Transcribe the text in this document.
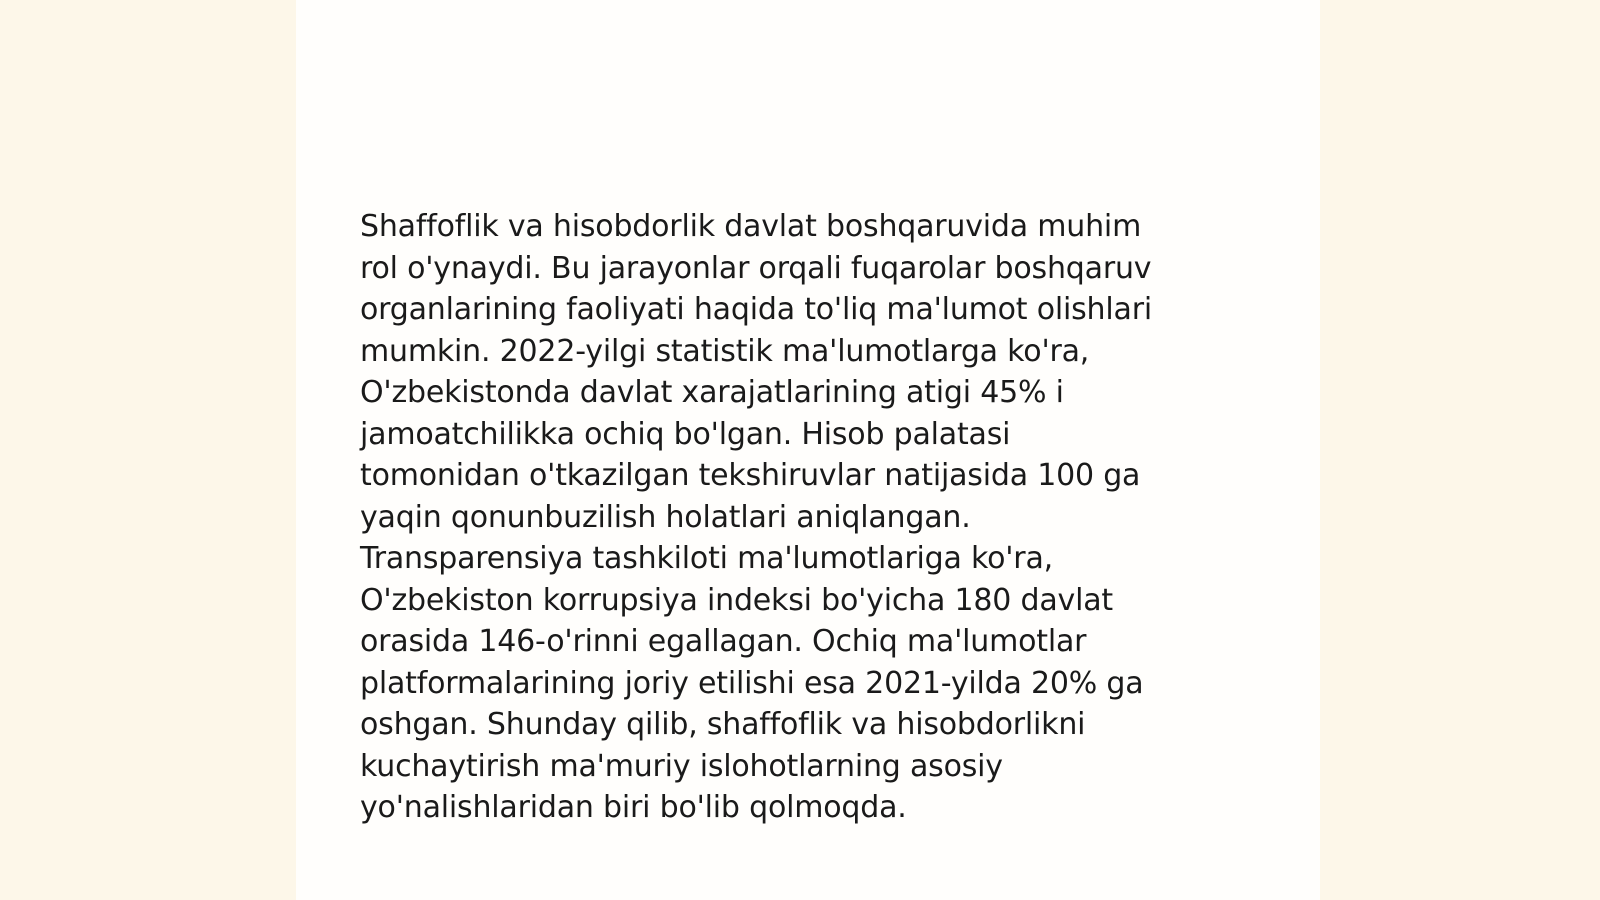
Shaffoflik va hisobdorlik davlat boshqaruvida muhim
rol o'ynaydi. Bu jarayonlar orqali fuqarolar boshqaruv
organlarining faoliyati haqida to'liq ma'lumot olishlari
mumkin. 2022-yilgi statistik ma'lumotlarga ko'ra,
O'zbekistonda davlat xarajatlarining atigi 45% i
jamoatchilikka ochiq bo'lgan. Hisob palatasi
tomonidan o'tkazilgan tekshiruvlar natijasida 100 ga
yaqin qonunbuzilish holatlari aniqlangan.
Transparensiya tashkiloti ma'lumotlariga ko'ra,
O'zbekiston korrupsiya indeksi bo'yicha 180 davlat
orasida 146-o'rinni egallagan. Ochiq ma'lumotlar
platformalarining joriy etilishi esa 2021-yilda 20% ga
oshgan. Shunday qilib, shaffoflik va hisobdorlikni
kuchaytirish ma'muriy islohotlarning asosiy
yo'nalishlaridan biri bo'lib qolmoqda.
